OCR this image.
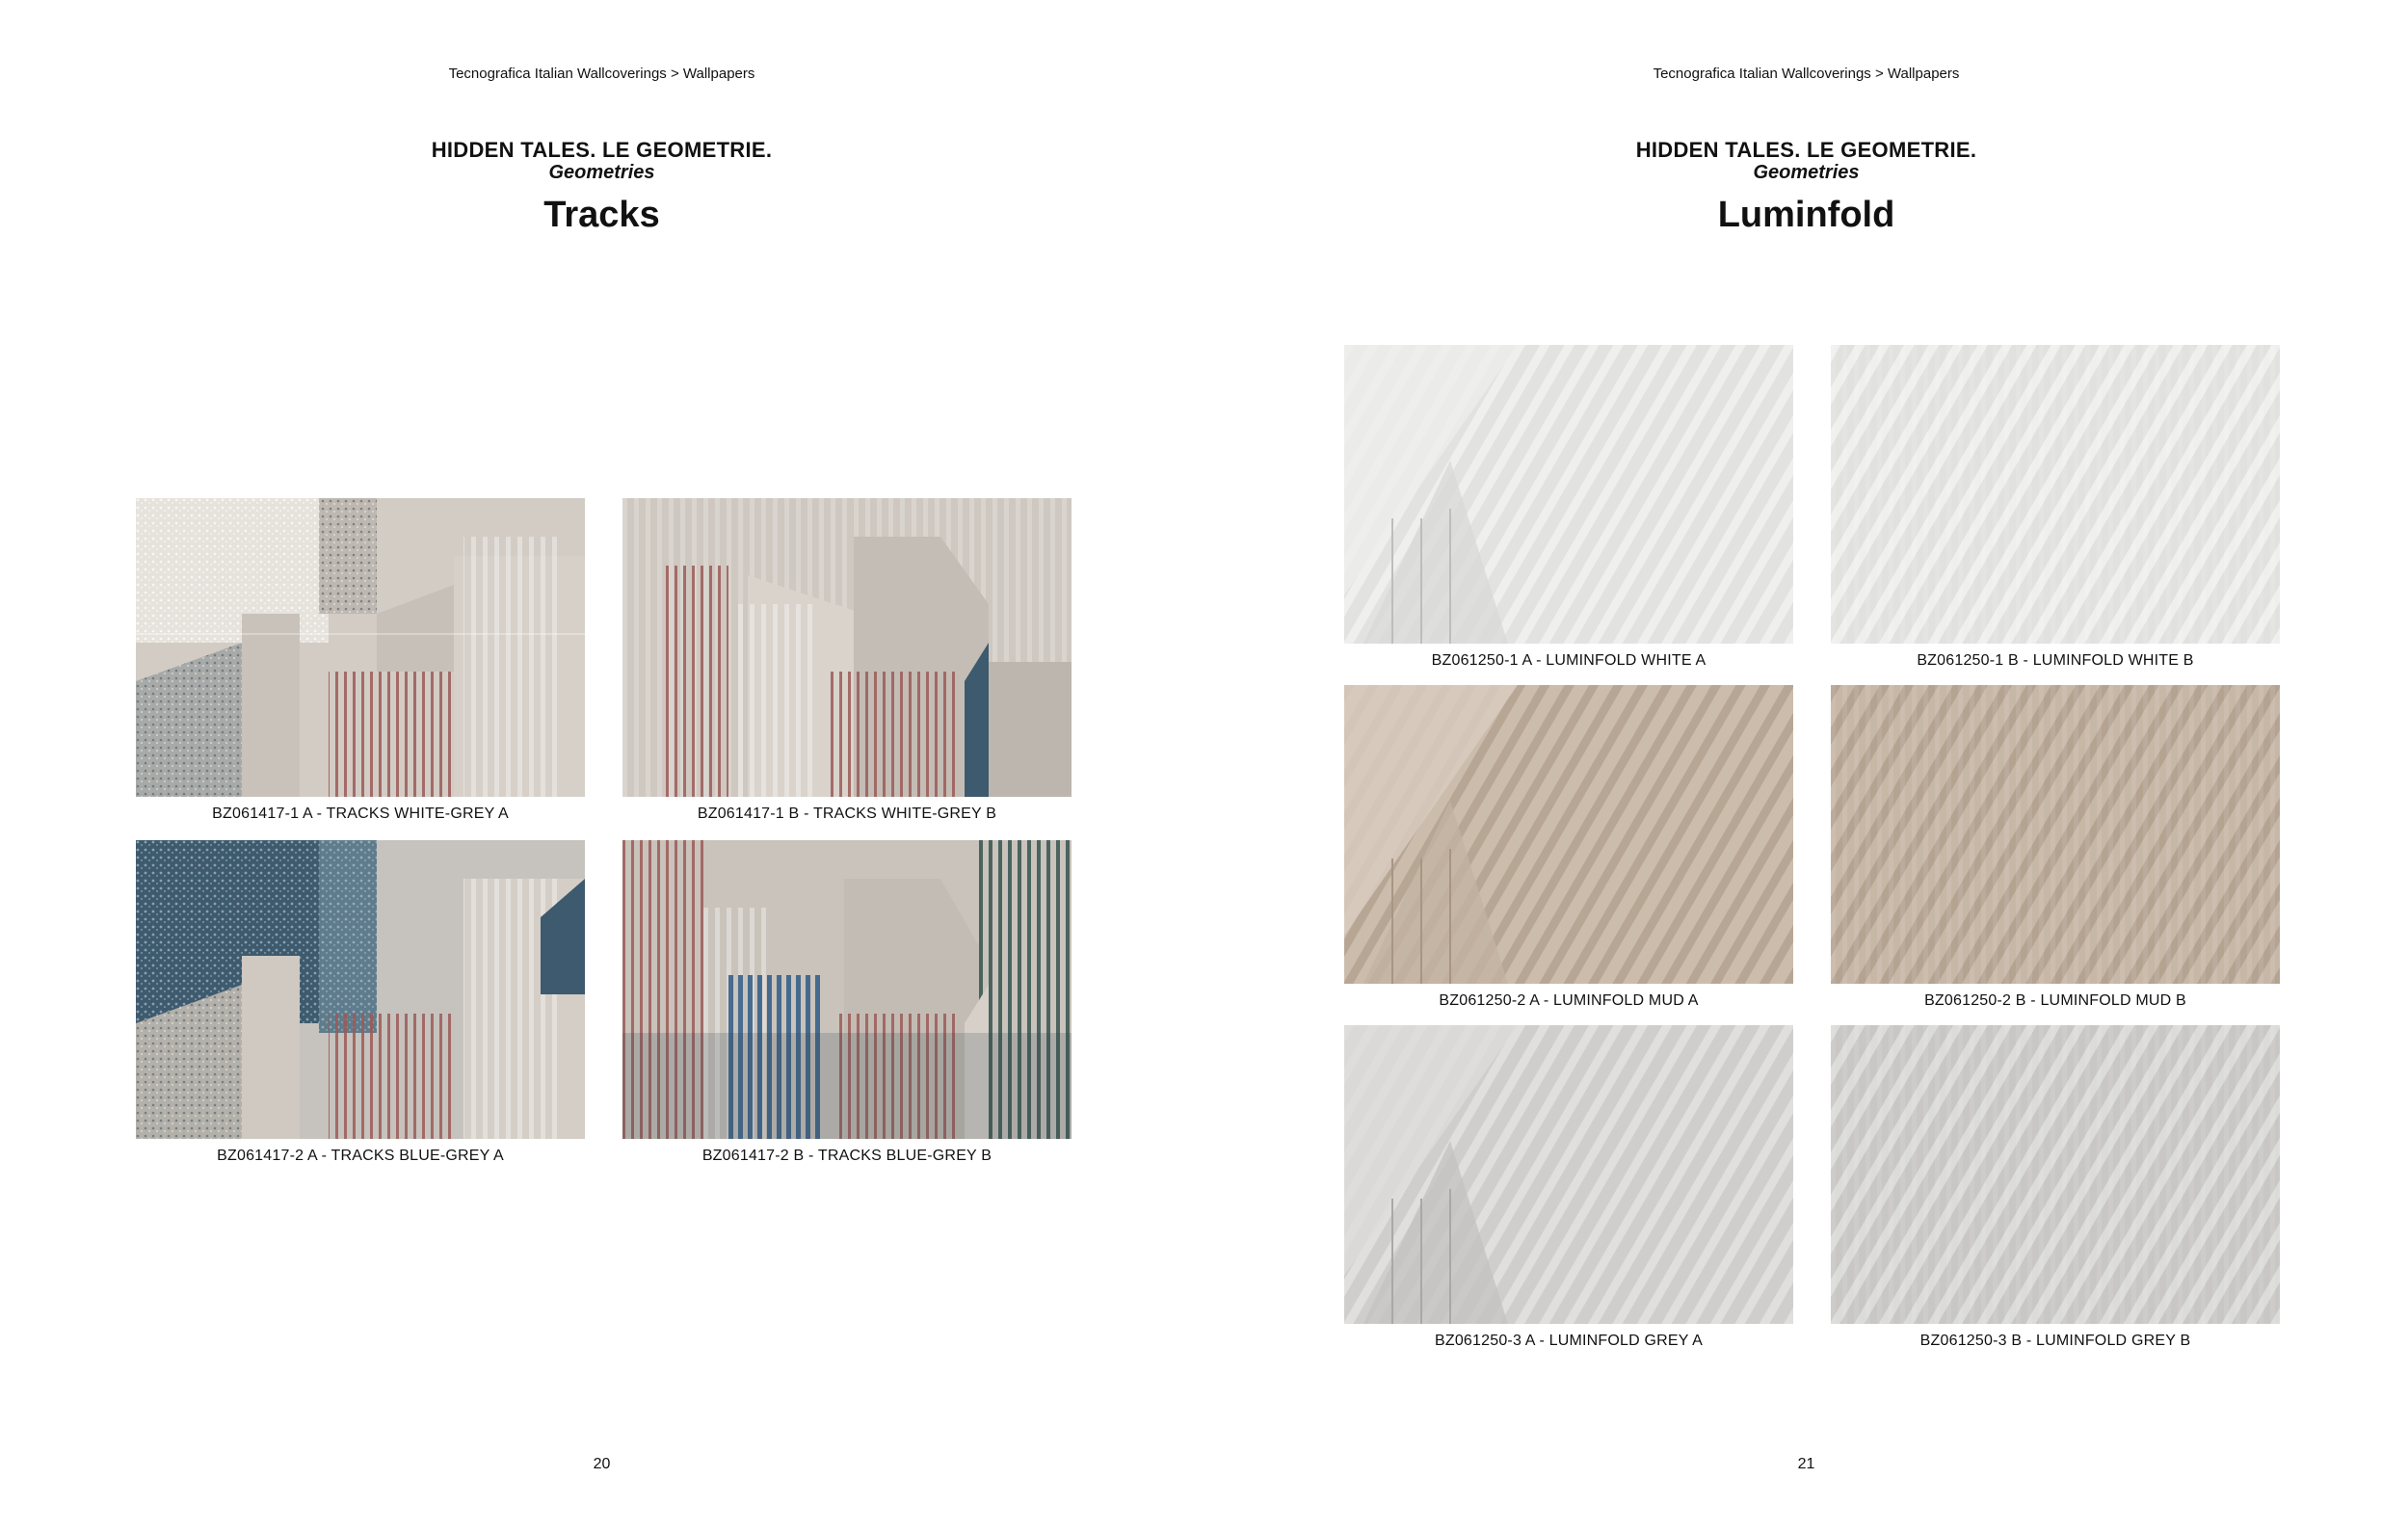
Tecnografica Italian Wallcoverings > Wallpapers
HIDDEN TALES. LE GEOMETRIE.
Geometries
Tracks
BZ061417-1 A - TRACKS WHITE-GREY A	BZ061417-1 B - TRACKS WHITE-GREY B
BZ061417-2 A - TRACKS BLUE-GREY A	BZ061417-2 B - TRACKS BLUE-GREY B
20
Tecnografica Italian Wallcoverings > Wallpapers
HIDDEN TALES. LE GEOMETRIE.
Geometries
Luminfold
BZ061250-1 A - LUMINFOLD WHITE A	BZ061250-1 B - LUMINFOLD WHITE B
BZ061250-2 A - LUMINFOLD MUD A	BZ061250-2 B - LUMINFOLD MUD B
BZ061250-3 A - LUMINFOLD GREY A	BZ061250-3 B - LUMINFOLD GREY B
21
